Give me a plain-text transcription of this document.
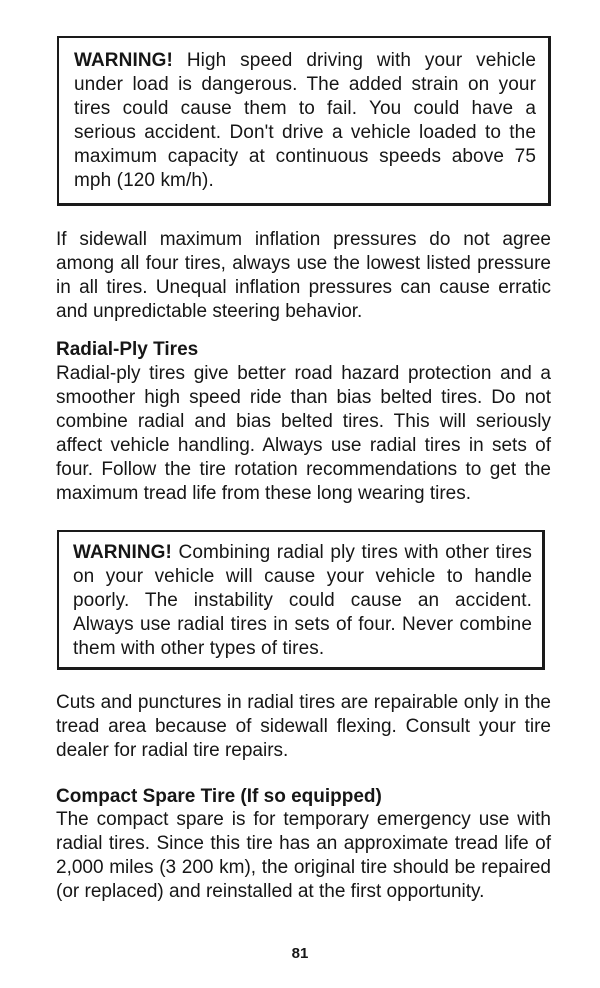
WARNING! High speed driving with your vehicle under load is dangerous. The added strain on your tires could cause them to fail. You could have a serious accident. Don't drive a vehicle loaded to the maximum capacity at continuous speeds above 75 mph (120 km/h).

If sidewall maximum inflation pressures do not agree among all four tires, always use the lowest listed pressure in all tires. Unequal inflation pressures can cause erratic and unpredictable steering behavior.

Radial-Ply Tires

Radial-ply tires give better road hazard protection and a smoother high speed ride than bias belted tires. Do not combine radial and bias belted tires. This will seriously affect vehicle handling. Always use radial tires in sets of four. Follow the tire rotation recommendations to get the maximum tread life from these long wearing tires.

WARNING! Combining radial ply tires with other tires on your vehicle will cause your vehicle to handle poorly. The instability could cause an accident. Always use radial tires in sets of four. Never combine them with other types of tires.

Cuts and punctures in radial tires are repairable only in the tread area because of sidewall flexing. Consult your tire dealer for radial tire repairs.

Compact Spare Tire (If so equipped)

The compact spare is for temporary emergency use with radial tires. Since this tire has an approximate tread life of 2,000 miles (3 200 km), the original tire should be repaired (or replaced) and reinstalled at the first opportunity.

81
